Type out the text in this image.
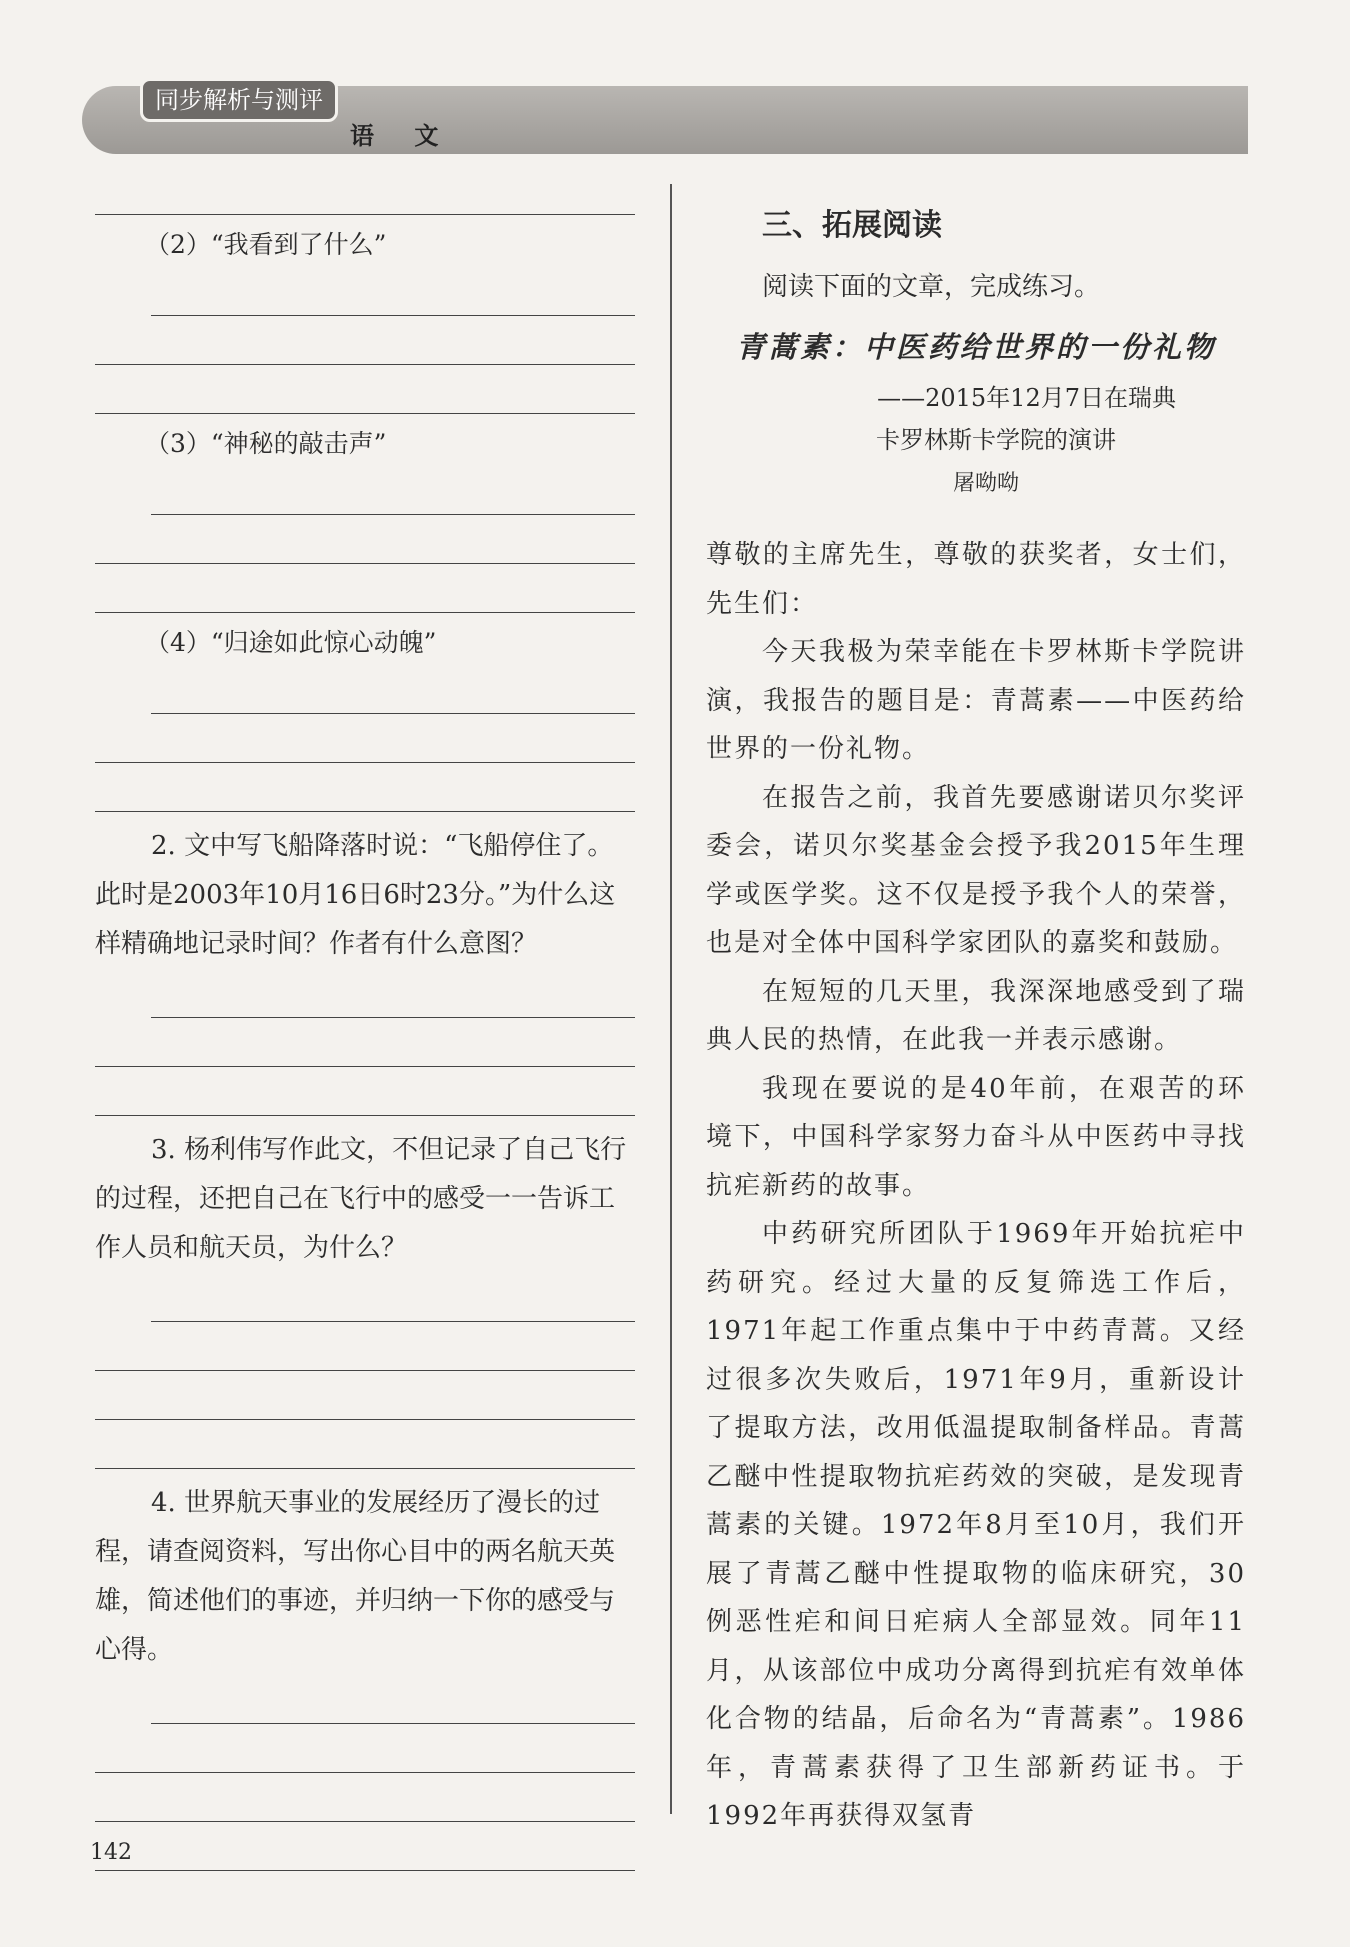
同步解析与测评
语 文
（2）“我看到了什么”
（3）“神秘的敲击声”
（4）“归途如此惊心动魄”

2. 文中写飞船降落时说：“飞船停住了。此时是2003年10月16日6时23分。”为什么这样精确地记录时间？作者有什么意图？

3. 杨利伟写作此文，不但记录了自己飞行的过程，还把自己在飞行中的感受一一告诉工作人员和航天员，为什么？

4. 世界航天事业的发展经历了漫长的过程，请查阅资料，写出你心目中的两名航天英雄，简述他们的事迹，并归纳一下你的感受与心得。

三、拓展阅读
阅读下面的文章，完成练习。
青蒿素：中医药给世界的一份礼物
——2015年12月7日在瑞典
卡罗林斯卡学院的演讲
屠呦呦

尊敬的主席先生，尊敬的获奖者，女士们，先生们：

今天我极为荣幸能在卡罗林斯卡学院讲演，我报告的题目是：青蒿素——中医药给世界的一份礼物。

在报告之前，我首先要感谢诺贝尔奖评委会，诺贝尔奖基金会授予我2015年生理学或医学奖。这不仅是授予我个人的荣誉，也是对全体中国科学家团队的嘉奖和鼓励。

在短短的几天里，我深深地感受到了瑞典人民的热情，在此我一并表示感谢。

我现在要说的是40年前，在艰苦的环境下，中国科学家努力奋斗从中医药中寻找抗疟新药的故事。

中药研究所团队于1969年开始抗疟中药研究。经过大量的反复筛选工作后，1971年起工作重点集中于中药青蒿。又经过很多次失败后，1971年9月，重新设计了提取方法，改用低温提取制备样品。青蒿乙醚中性提取物抗疟药效的突破，是发现青蒿素的关键。1972年8月至10月，我们开展了青蒿乙醚中性提取物的临床研究，30例恶性疟和间日疟病人全部显效。同年11月，从该部位中成功分离得到抗疟有效单体化合物的结晶，后命名为“青蒿素”。1986年，青蒿素获得了卫生部新药证书。于1992年再获得双氢青

142
